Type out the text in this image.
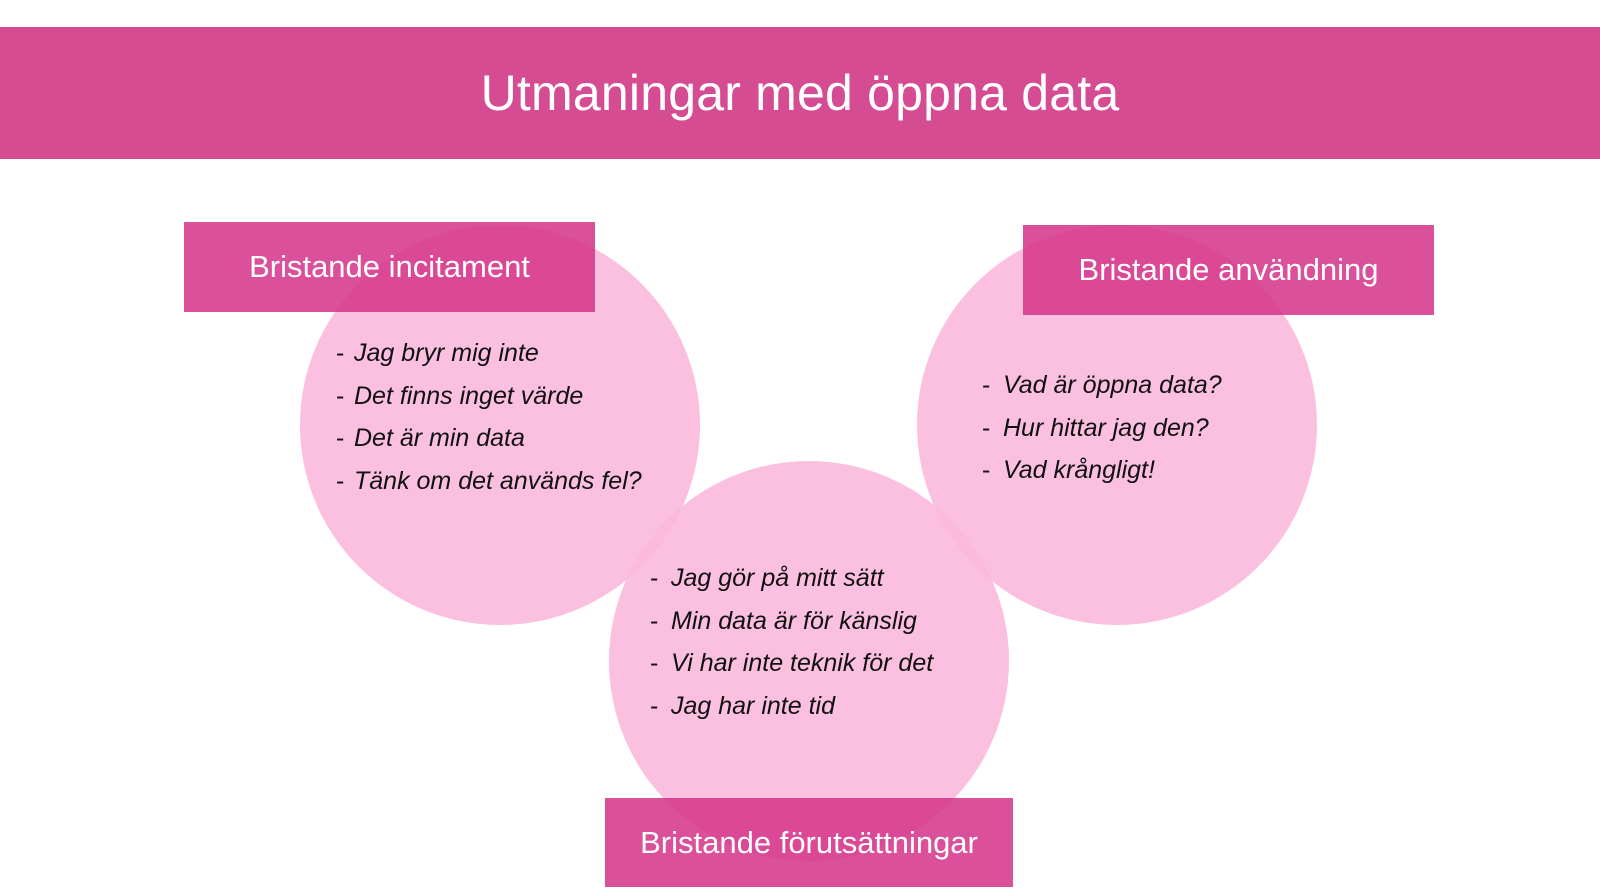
Utmaningar med öppna data
Bristande incitament	Bristande användning
Bristande förutsättningar
- Jag bryr mig inte
- Det finns inget värde
- Det är min data
- Tänk om det används fel?
- Vad är öppna data?
- Hur hittar jag den?
- Vad krångligt!
- Jag gör på mitt sätt
- Min data är för känslig
- Vi har inte teknik för det
- Jag har inte tid
